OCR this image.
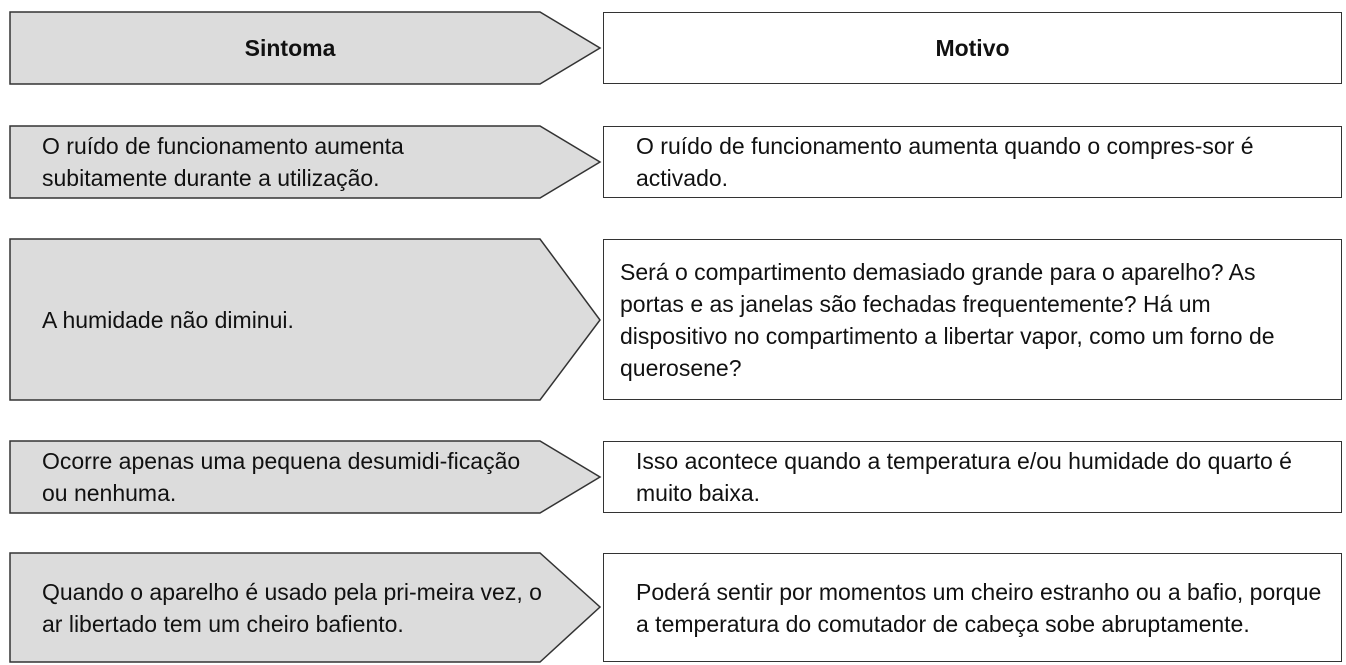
Sintoma	Motivo
O ruído de funcionamento aumenta subitamente durante a utilização.
O ruído de funcionamento aumenta quando o compres-sor é activado.
A humidade não diminui.
Será o compartimento demasiado grande para o aparelho? As portas e as janelas são fechadas frequentemente? Há um dispositivo no compartimento a libertar vapor, como um forno de querosene?
Ocorre apenas uma pequena desumidi-ficação ou nenhuma.
Isso acontece quando a temperatura e/ou humidade do quarto é muito baixa.
Quando o aparelho é usado pela pri-meira vez, o ar libertado tem um cheiro bafiento.
Poderá sentir por momentos um cheiro estranho ou a bafio, porque a temperatura do comutador de cabeça sobe abruptamente.
